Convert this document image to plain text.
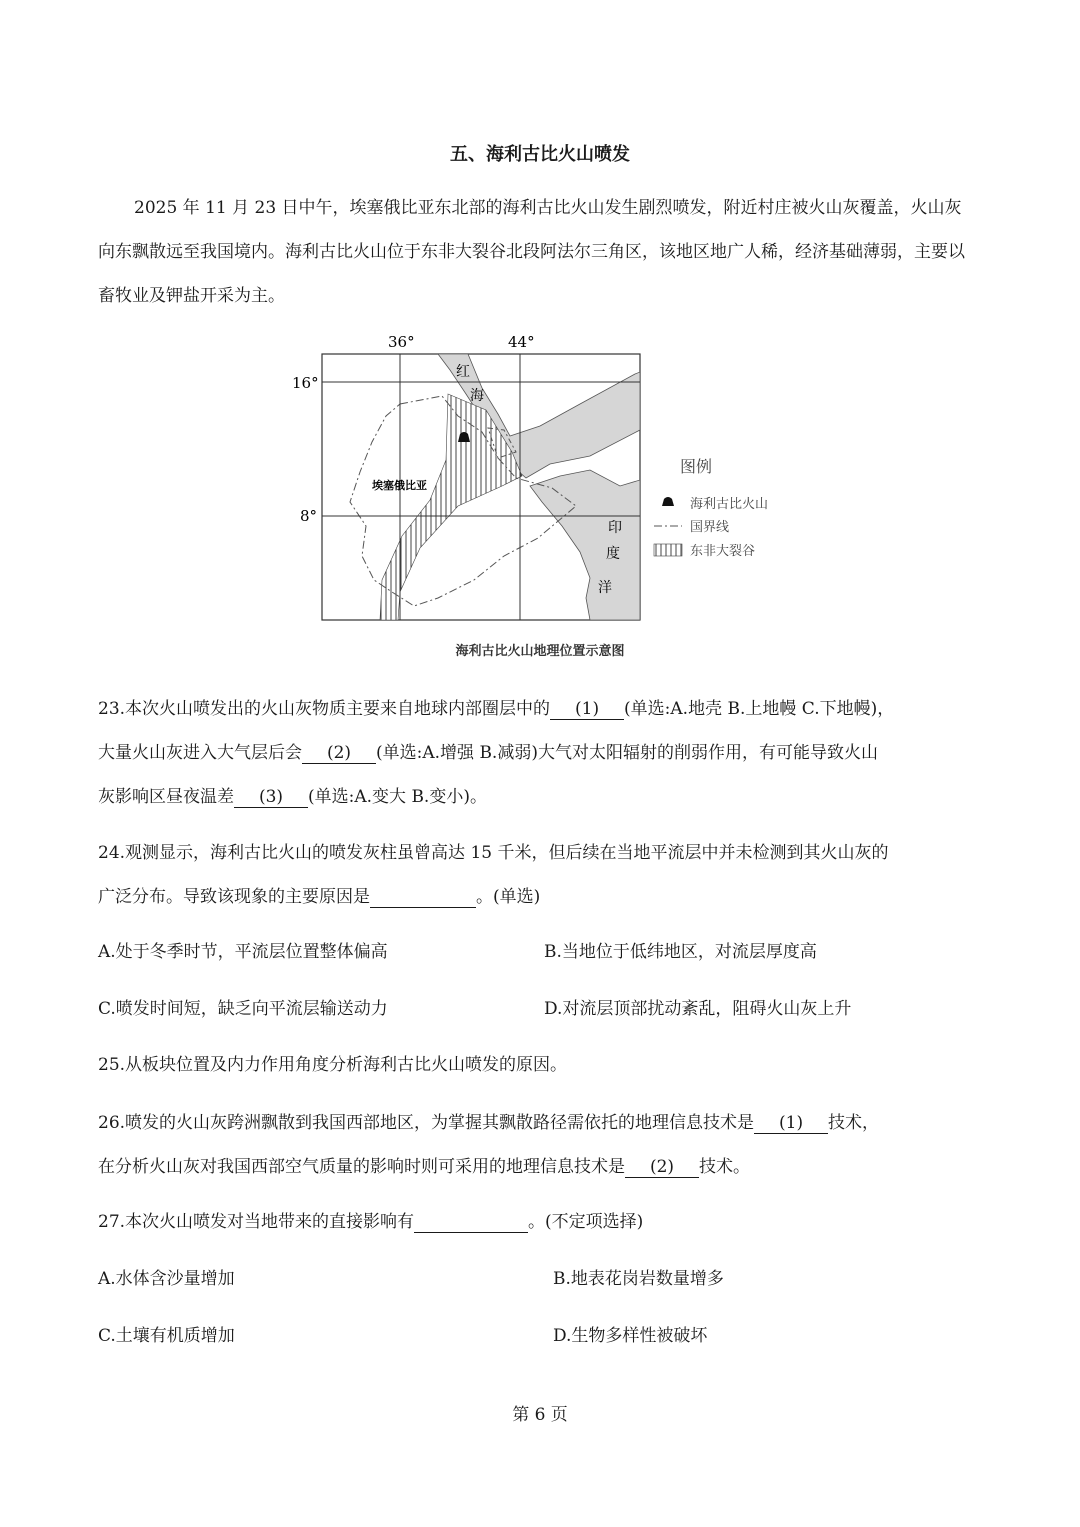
五、海利古比火山喷发
2025 年 11 月 23 日中午，埃塞俄比亚东北部的海利古比火山发生剧烈喷发，附近村庄被火山灰覆盖，火山灰向东飘散远至我国境内。海利古比火山位于东非大裂谷北段阿法尔三角区，该地区地广人稀，经济基础薄弱，主要以畜牧业及钾盐开采为主。
36°	44°
16°
8°
红
海
埃塞俄比亚
印
度
洋
图例
海利古比火山
国界线
东非大裂谷
海利古比火山地理位置示意图
23.本次火山喷发出的火山灰物质主要来自地球内部圈层中的 (1) (单选:A.地壳 B.上地幔 C.下地幔)，
大量火山灰进入大气层后会 (2) (单选:A.增强 B.减弱)大气对太阳辐射的削弱作用，有可能导致火山
灰影响区昼夜温差 (3) (单选:A.变大 B.变小)。
24.观测显示，海利古比火山的喷发灰柱虽曾高达 15 千米，但后续在当地平流层中并未检测到其火山灰的
广泛分布。导致该现象的主要原因是	。(单选)
A.处于冬季时节，平流层位置整体偏高	B.当地位于低纬地区，对流层厚度高
C.喷发时间短，缺乏向平流层输送动力	D.对流层顶部扰动紊乱，阻碍火山灰上升
25.从板块位置及内力作用角度分析海利古比火山喷发的原因。
26.喷发的火山灰跨洲飘散到我国西部地区，为掌握其飘散路径需依托的地理信息技术是 (1) 技术，
在分析火山灰对我国西部空气质量的影响时则可采用的地理信息技术是 (2) 技术。
27.本次火山喷发对当地带来的直接影响有	。(不定项选择)
A.水体含沙量增加	B.地表花岗岩数量增多
C.土壤有机质增加	D.生物多样性被破坏
第 6 页
